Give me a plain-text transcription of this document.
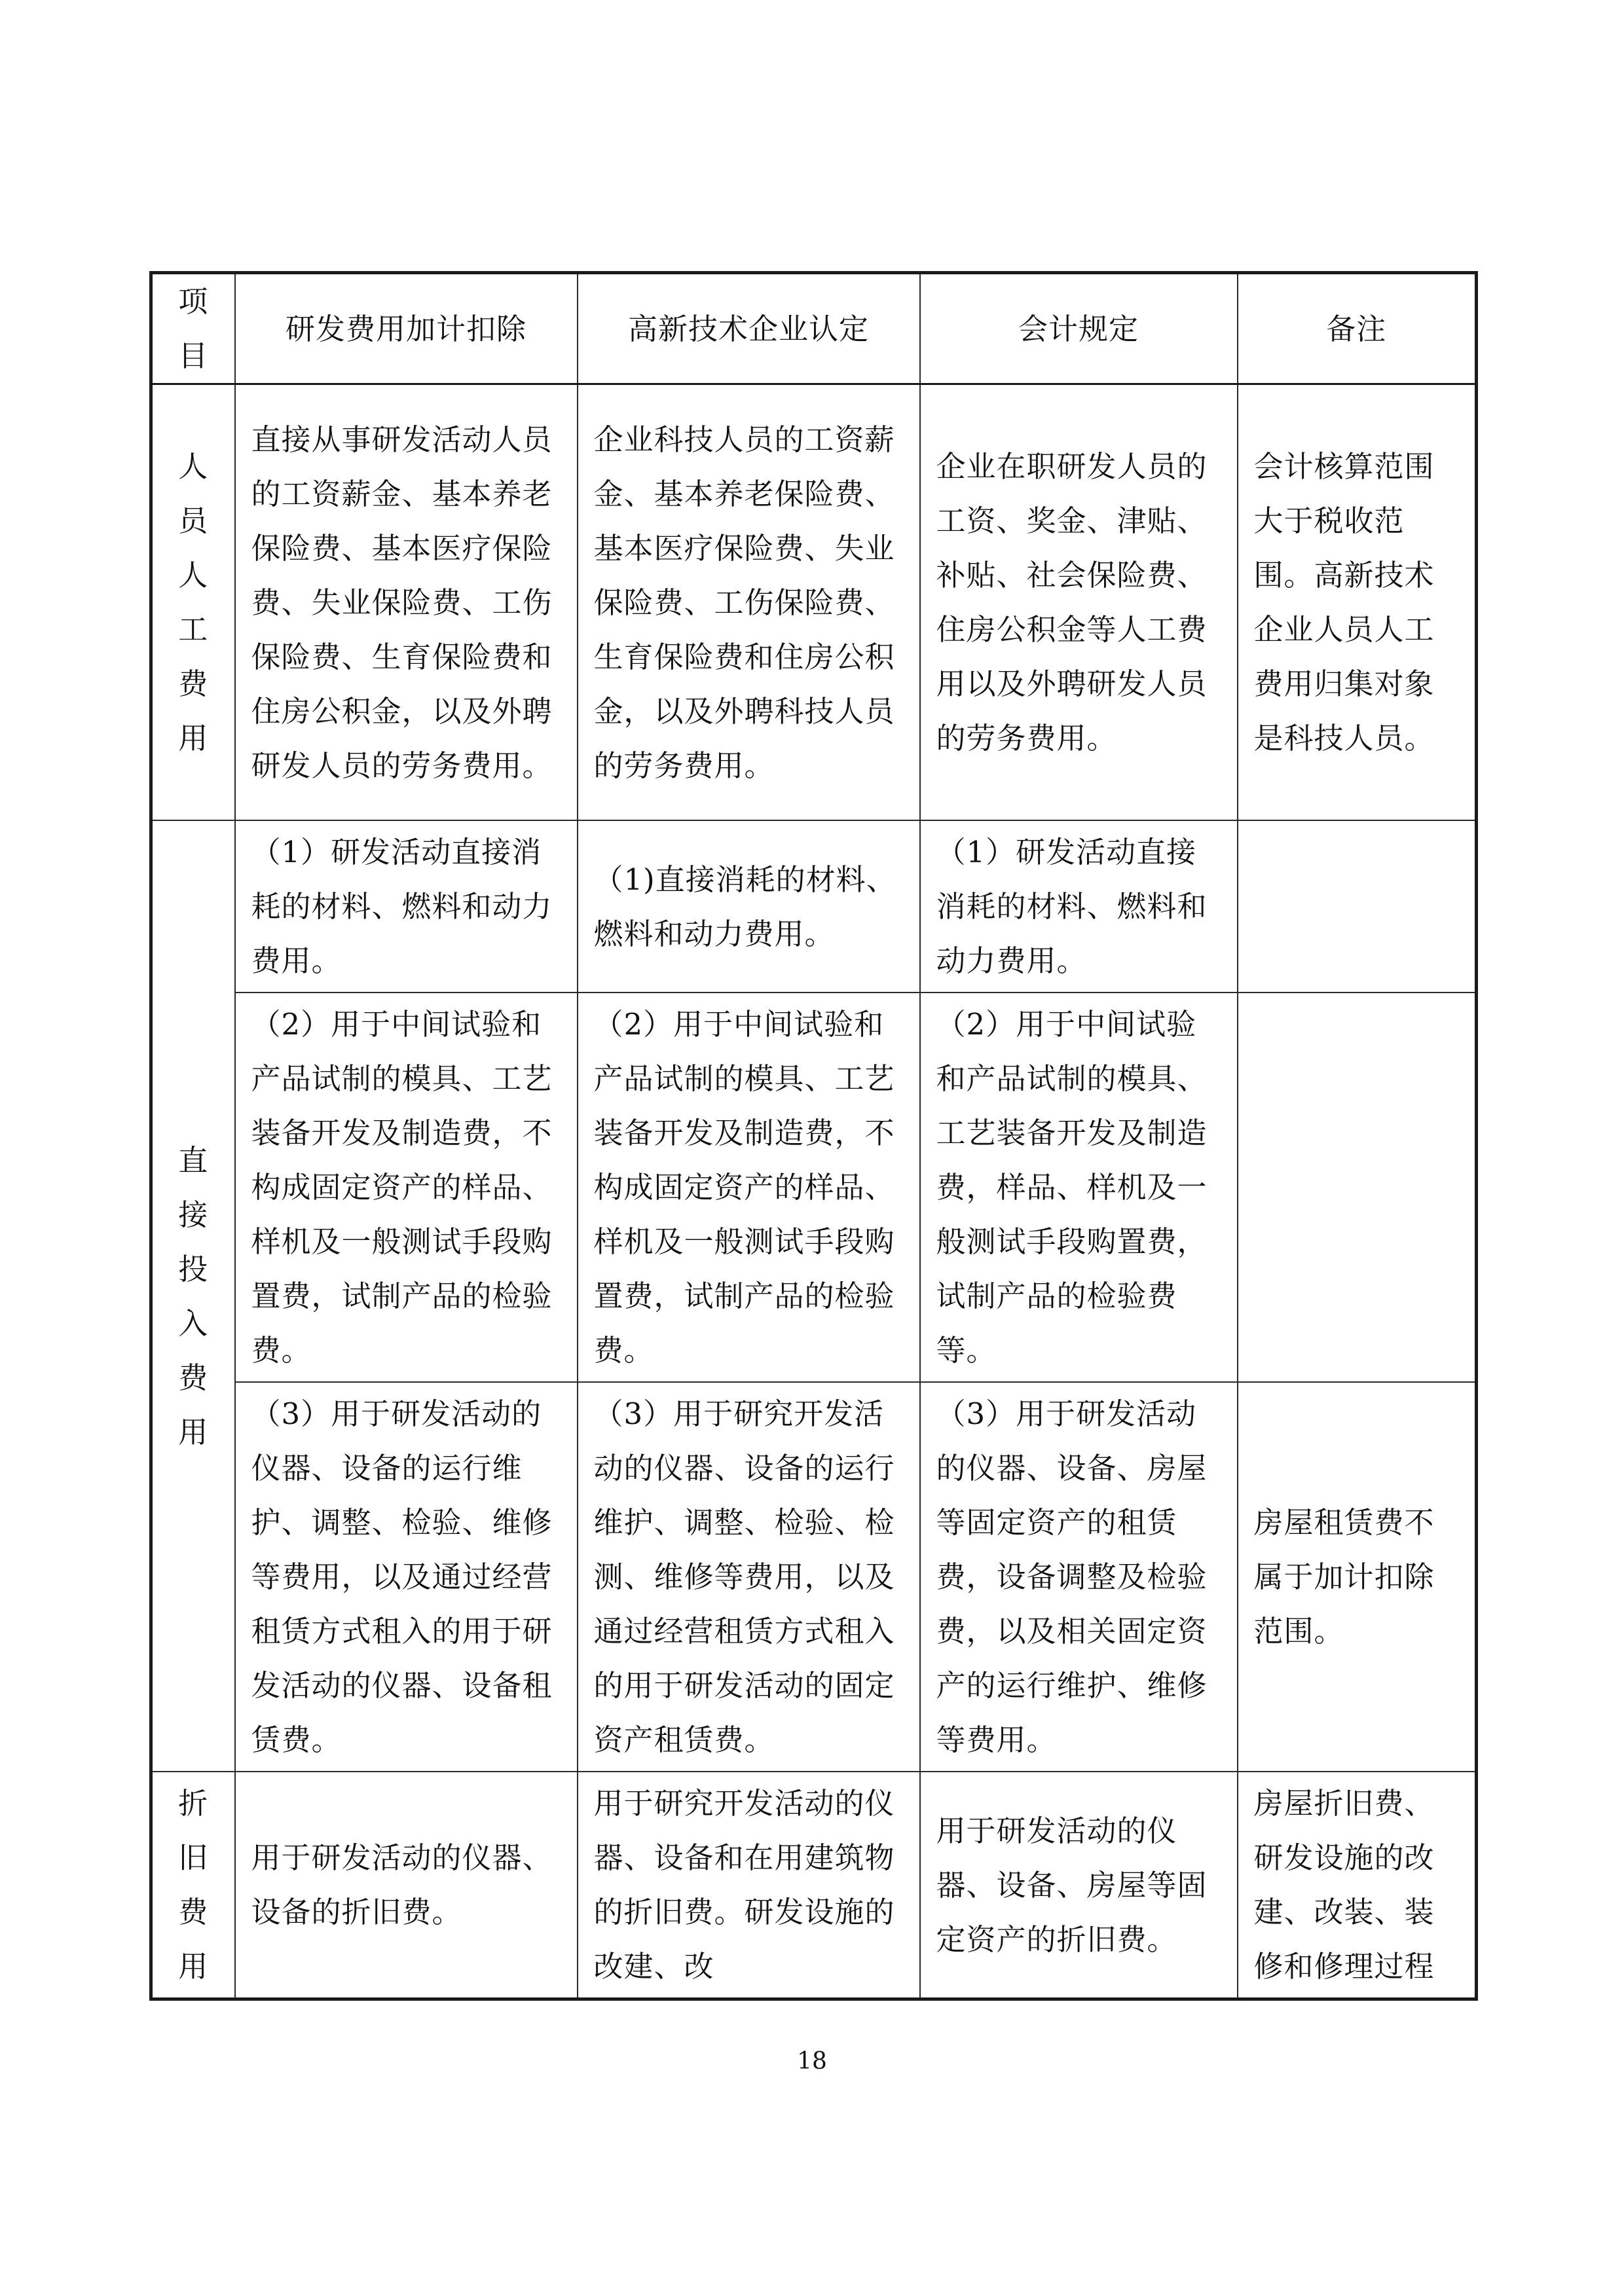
项目	研发费用加计扣除	高新技术企业认定	会计规定	备注
人员人工费用	直接从事研发活动人员的工资薪金、基本养老保险费、基本医疗保险费、失业保险费、工伤保险费、生育保险费和住房公积金，以及外聘研发人员的劳务费用。	企业科技人员的工资薪金、基本养老保险费、基本医疗保险费、失业保险费、工伤保险费、生育保险费和住房公积金，以及外聘科技人员的劳务费用。	企业在职研发人员的工资、奖金、津贴、补贴、社会保险费、住房公积金等人工费用以及外聘研发人员的劳务费用。	会计核算范围大于税收范围。高新技术企业人员人工费用归集对象是科技人员。
直接投入费用	（1）研发活动直接消耗的材料、燃料和动力费用。	（1)直接消耗的材料、燃料和动力费用。	（1）研发活动直接消耗的材料、燃料和动力费用。	
	（2）用于中间试验和产品试制的模具、工艺装备开发及制造费，不构成固定资产的样品、样机及一般测试手段购置费，试制产品的检验费。	（2）用于中间试验和产品试制的模具、工艺装备开发及制造费，不构成固定资产的样品、样机及一般测试手段购置费，试制产品的检验费。	（2）用于中间试验和产品试制的模具、工艺装备开发及制造费，样品、样机及一般测试手段购置费，试制产品的检验费等。	
	（3）用于研发活动的仪器、设备的运行维护、调整、检验、维修等费用，以及通过经营租赁方式租入的用于研发活动的仪器、设备租赁费。	（3）用于研究开发活动的仪器、设备的运行维护、调整、检验、检测、维修等费用，以及通过经营租赁方式租入的用于研发活动的固定资产租赁费。	（3）用于研发活动的仪器、设备、房屋等固定资产的租赁费，设备调整及检验费，以及相关固定资产的运行维护、维修等费用。	房屋租赁费不属于加计扣除范围。
折旧费用	用于研发活动的仪器、设备的折旧费。	用于研究开发活动的仪器、设备和在用建筑物的折旧费。研发设施的改建、改	用于研发活动的仪器、设备、房屋等固定资产的折旧费。	房屋折旧费、研发设施的改建、改装、装修和修理过程
18
